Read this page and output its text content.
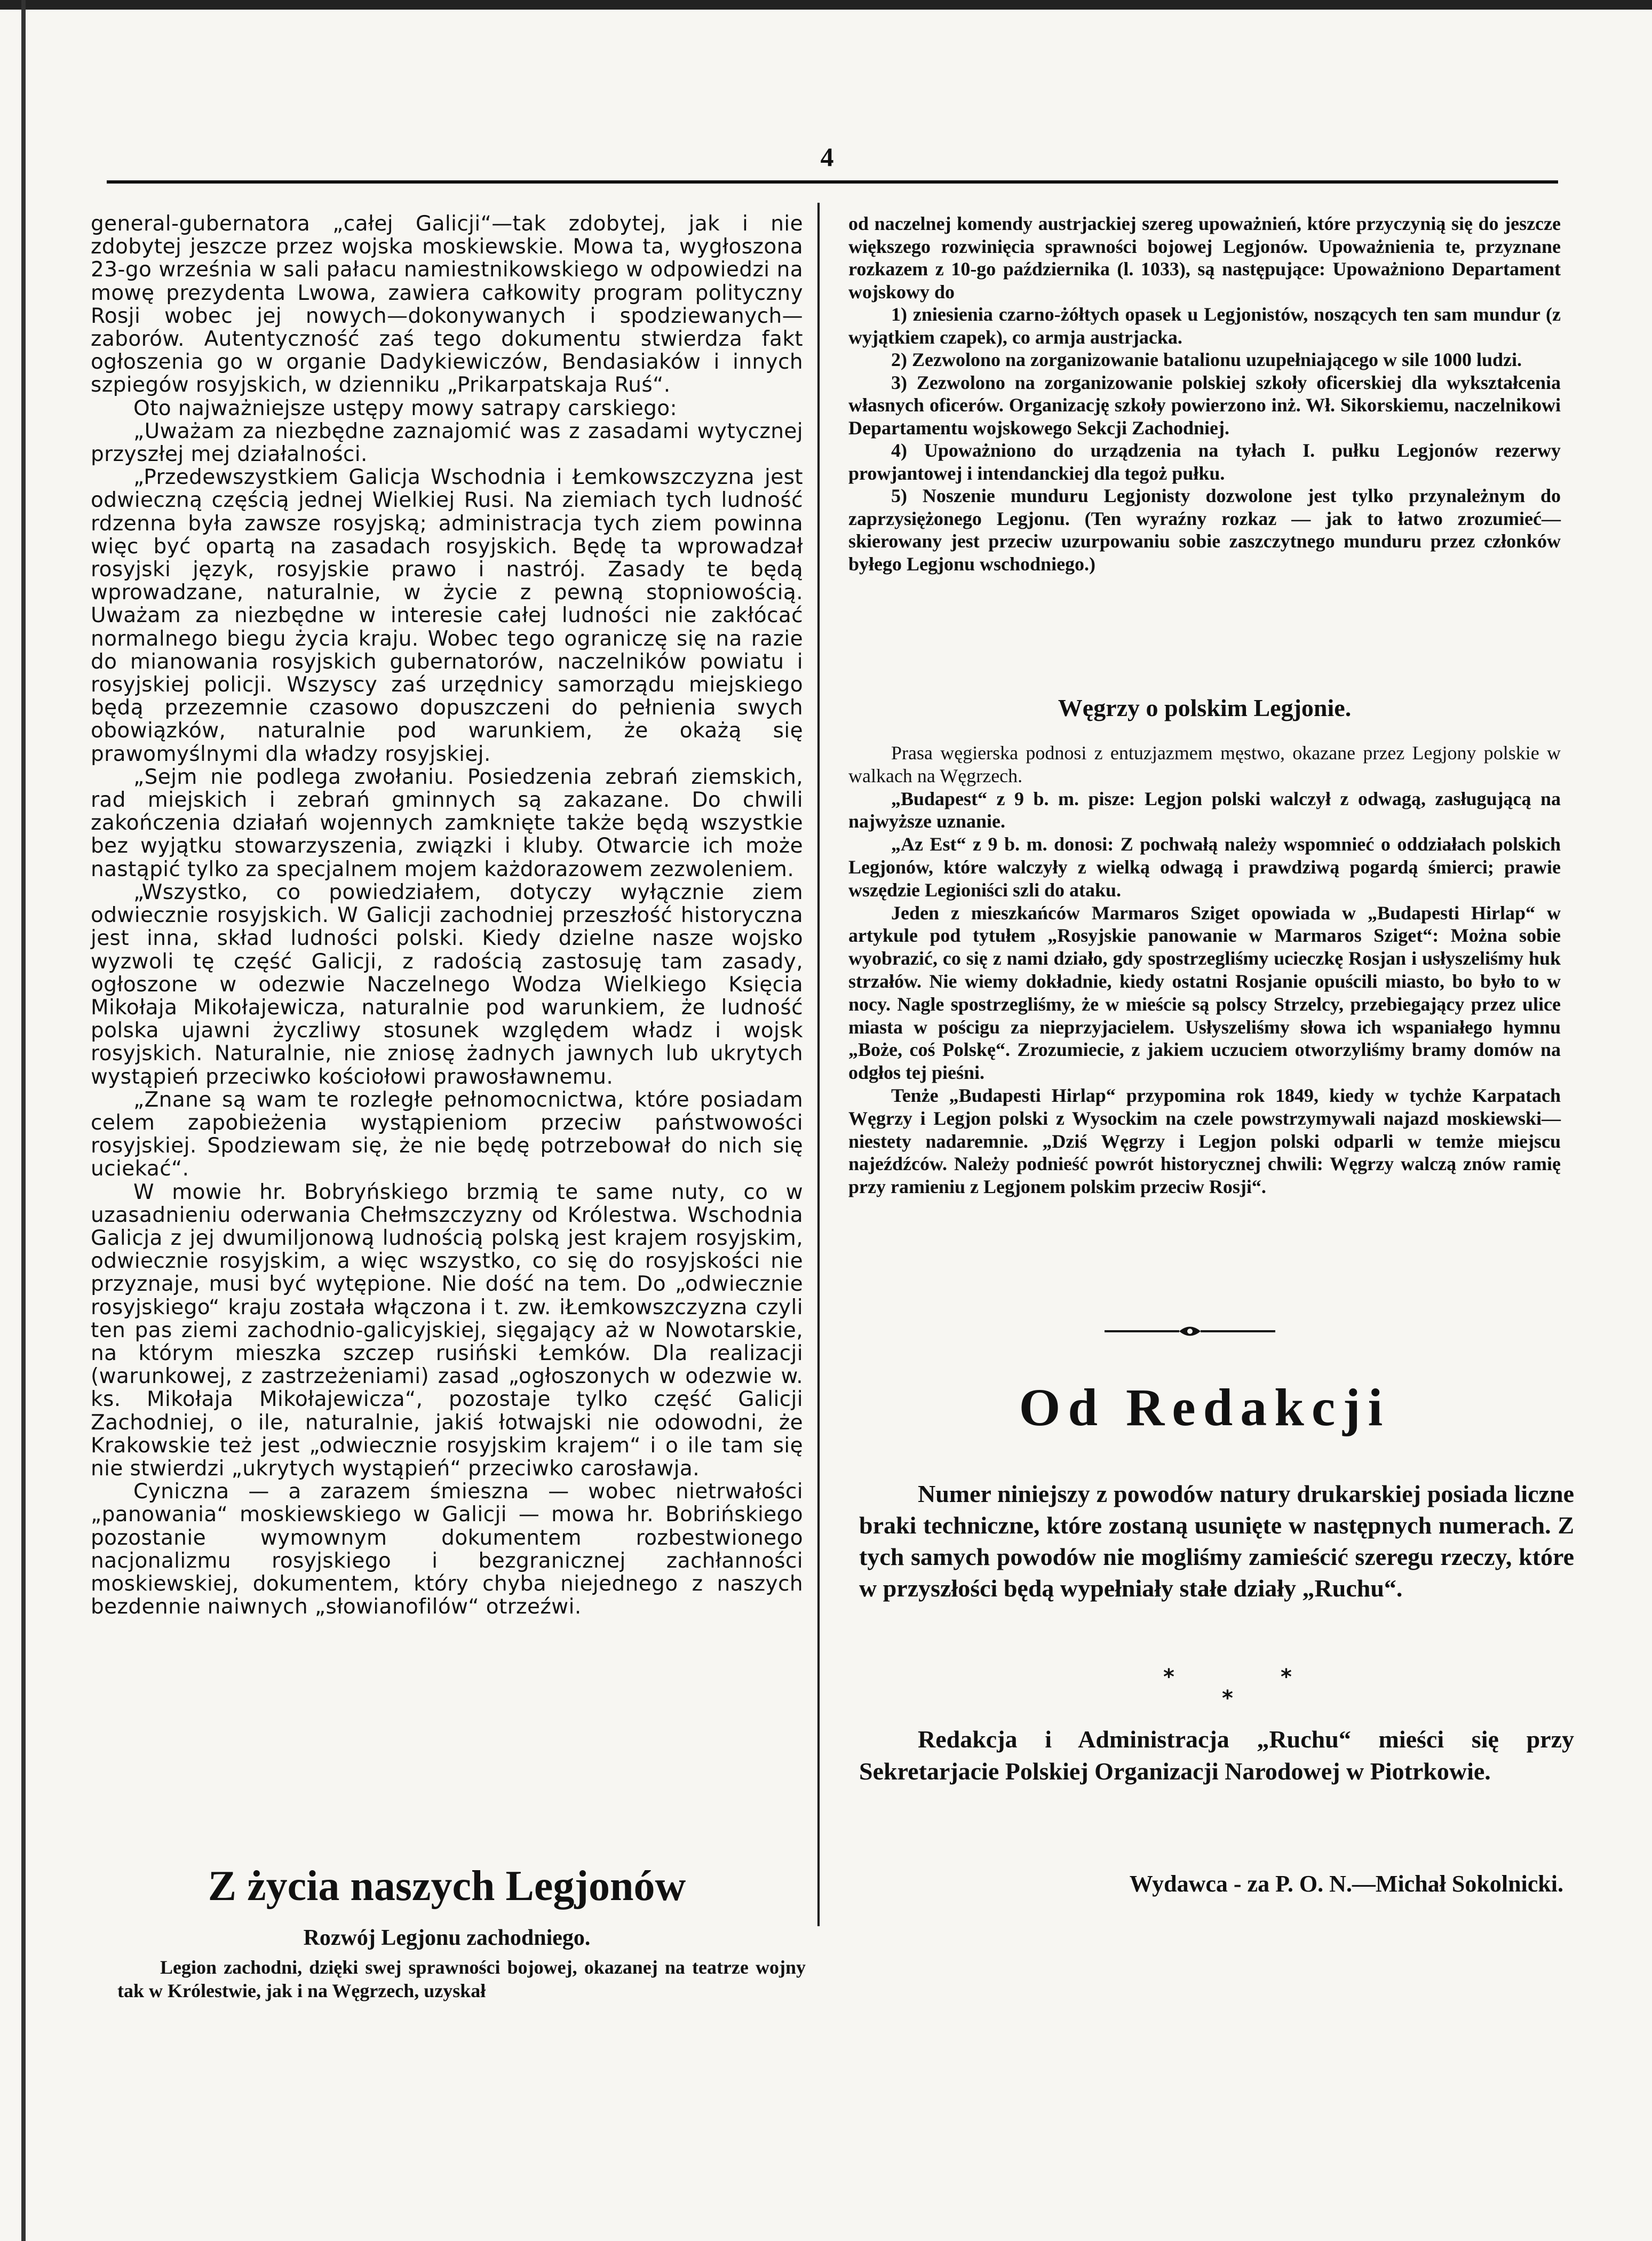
4

general-gubernatora „całej Galicji“—tak zdobytej, jak i nie zdobytej jeszcze przez wojska moskiewskie. Mowa ta, wygłoszona 23-go września w sali pałacu namiestnikowskiego w odpowiedzi na mowę prezydenta Lwowa, zawiera całkowity program polityczny Rosji wobec jej nowych—dokonywanych i spodziewanych—zaborów. Autentyczność zaś tego dokumentu stwierdza fakt ogłoszenia go w organie Dadykiewiczów, Bendasiaków i innych szpiegów rosyjskich, w dzienniku „Prikarpatskaja Ruś“.

Oto najważniejsze ustępy mowy satrapy carskiego:

„Uważam za niezbędne zaznajomić was z zasadami wytycznej przyszłej mej działalności.

„Przedewszystkiem Galicja Wschodnia i Łemkowszczyzna jest odwieczną częścią jednej Wielkiej Rusi. Na ziemiach tych ludność rdzenna była zawsze rosyjską; administracja tych ziem powinna więc być opartą na zasadach rosyjskich. Będę ta wprowadzał rosyjski język, rosyjskie prawo i nastrój. Zasady te będą wprowadzane, naturalnie, w życie z pewną stopniowością. Uważam za niezbędne w interesie całej ludności nie zakłócać normalnego biegu życia kraju. Wobec tego ograniczę się na razie do mianowania rosyjskich gubernatorów, naczelników powiatu i rosyjskiej policji. Wszyscy zaś urzędnicy samorządu miejskiego będą przezemnie czasowo dopuszczeni do pełnienia swych obowiązków, naturalnie pod warunkiem, że okażą się prawomyślnymi dla władzy rosyjskiej.

„Sejm nie podlega zwołaniu. Posiedzenia zebrań ziemskich, rad miejskich i zebrań gminnych są zakazane. Do chwili zakończenia działań wojennych zamknięte także będą wszystkie bez wyjątku stowarzyszenia, związki i kluby. Otwarcie ich może nastąpić tylko za specjalnem mojem każdorazowem zezwoleniem.

„Wszystko, co powiedziałem, dotyczy wyłącznie ziem odwiecznie rosyjskich. W Galicji zachodniej przeszłość historyczna jest inna, skład ludności polski. Kiedy dzielne nasze wojsko wyzwoli tę część Galicji, z radością zastosuję tam zasady, ogłoszone w odezwie Naczelnego Wodza Wielkiego Księcia Mikołaja Mikołajewicza, naturalnie pod warunkiem, że ludność polska ujawni życzliwy stosunek względem władz i wojsk rosyjskich. Naturalnie, nie zniosę żadnych jawnych lub ukrytych wystąpień przeciwko kościołowi prawosławnemu.

„Znane są wam te rozległe pełnomocnictwa, które posiadam celem zapobieżenia wystąpieniom przeciw państwowości rosyjskiej. Spodziewam się, że nie będę potrzebował do nich się uciekać“.

W mowie hr. Bobryńskiego brzmią te same nuty, co w uzasadnieniu oderwania Chełmszczyzny od Królestwa. Wschodnia Galicja z jej dwumiljonową ludnością polską jest krajem rosyjskim, odwiecznie rosyjskim, a więc wszystko, co się do rosyjskości nie przyznaje, musi być wytępione. Nie dość na tem. Do „odwiecznie rosyjskiego“ kraju została włączona i t. zw. iŁemkowszczyzna czyli ten pas ziemi zachodnio-galicyjskiej, sięgający aż w Nowotarskie, na którym mieszka szczep rusiński Łemków. Dla realizacji (warunkowej, z zastrzeżeniami) zasad „ogłoszonych w odezwie w. ks. Mikołaja Mikołajewicza“, pozostaje tylko część Galicji Zachodniej, o ile, naturalnie, jakiś łotwajski nie odowodni, że Krakowskie też jest „odwiecznie rosyjskim krajem“ i o ile tam się nie stwierdzi „ukrytych wystąpień“ przeciwko carosławja.

Cyniczna — a zarazem śmieszna — wobec nietrwałości „panowania“ moskiewskiego w Galicji — mowa hr. Bobrińskiego pozostanie wymownym dokumentem rozbestwionego nacjonalizmu rosyjskiego i bezgranicznej zachłanności moskiewskiej, dokumentem, który chyba niejednego z naszych bezdennie naiwnych „słowianofilów“ otrzeźwi.

Z życia naszych Legjonów
Rozwój Legjonu zachodniego.

Legion zachodni, dzięki swej sprawności bojowej, okazanej na teatrze wojny tak w Królestwie, jak i na Węgrzech, uzyskał

od naczelnej komendy austrjackiej szereg upoważnień, które przyczynią się do jeszcze większego rozwinięcia sprawności bojowej Legjonów. Upoważnienia te, przyznane rozkazem z 10-go października (l. 1033), są następujące: Upoważniono Departament wojskowy do

1) zniesienia czarno-żółtych opasek u Legjonistów, noszących ten sam mundur (z wyjątkiem czapek), co armja austrjacka.

2) Zezwolono na zorganizowanie batalionu uzupełniającego w sile 1000 ludzi.

3) Zezwolono na zorganizowanie polskiej szkoły oficerskiej dla wykształcenia własnych oficerów. Organizację szkoły powierzono inż. Wł. Sikorskiemu, naczelnikowi Departamentu wojskowego Sekcji Zachodniej.

4) Upoważniono do urządzenia na tyłach I. pułku Legjonów rezerwy prowjantowej i intendanckiej dla tegoż pułku.

5) Noszenie munduru Legjonisty dozwolone jest tylko przynależnym do zaprzysiężonego Legjonu. (Ten wyraźny rozkaz — jak to łatwo zrozumieć—skierowany jest przeciw uzurpowaniu sobie zaszczytnego munduru przez członków byłego Legjonu wschodniego.)

Węgrzy o polskim Legjonie.

Prasa węgierska podnosi z entuzjazmem męstwo, okazane przez Legjony polskie w walkach na Węgrzech.

„Budapest“ z 9 b. m. pisze: Legjon polski walczył z odwagą, zasługującą na najwyższe uznanie.

„Az Est“ z 9 b. m. donosi: Z pochwałą należy wspomnieć o oddziałach polskich Legjonów, które walczyły z wielką odwagą i prawdziwą pogardą śmierci; prawie wszędzie Legioniści szli do ataku.

Jeden z mieszkańców Marmaros Sziget opowiada w „Budapesti Hirlap“ w artykule pod tytułem „Rosyjskie panowanie w Marmaros Sziget“: Można sobie wyobrazić, co się z nami działo, gdy spostrzegliśmy ucieczkę Rosjan i usłyszeliśmy huk strzałów. Nie wiemy dokładnie, kiedy ostatni Rosjanie opuścili miasto, bo było to w nocy. Nagle spostrzegliśmy, że w mieście są polscy Strzelcy, przebiegający przez ulice miasta w pościgu za nieprzyjacielem. Usłyszeliśmy słowa ich wspaniałego hymnu „Boże, coś Polskę“. Zrozumiecie, z jakiem uczuciem otworzyliśmy bramy domów na odgłos tej pieśni.

Tenże „Budapesti Hirlap“ przypomina rok 1849, kiedy w tychże Karpatach Węgrzy i Legjon polski z Wysockim na czele powstrzymywali najazd moskiewski—niestety nadaremnie. „Dziś Węgrzy i Legjon polski odparli w temże miejscu najeźdźców. Należy podnieść powrót historycznej chwili: Węgrzy walczą znów ramię przy ramieniu z Legjonem polskim przeciw Rosji“.

Od Redakcji

Numer niniejszy z powodów natury drukarskiej posiada liczne braki techniczne, które zostaną usunięte w następnych numerach. Z tych samych powodów nie mogliśmy zamieścić szeregu rzeczy, które w przyszłości będą wypełniały stałe działy „Ruchu“.

*
*
*

Redakcja i Administracja „Ruchu“ mieści się przy Sekretarjacie Polskiej Organizacji Narodowej w Piotrkowie.

Wydawca - za P. O. N.—Michał Sokolnicki.
